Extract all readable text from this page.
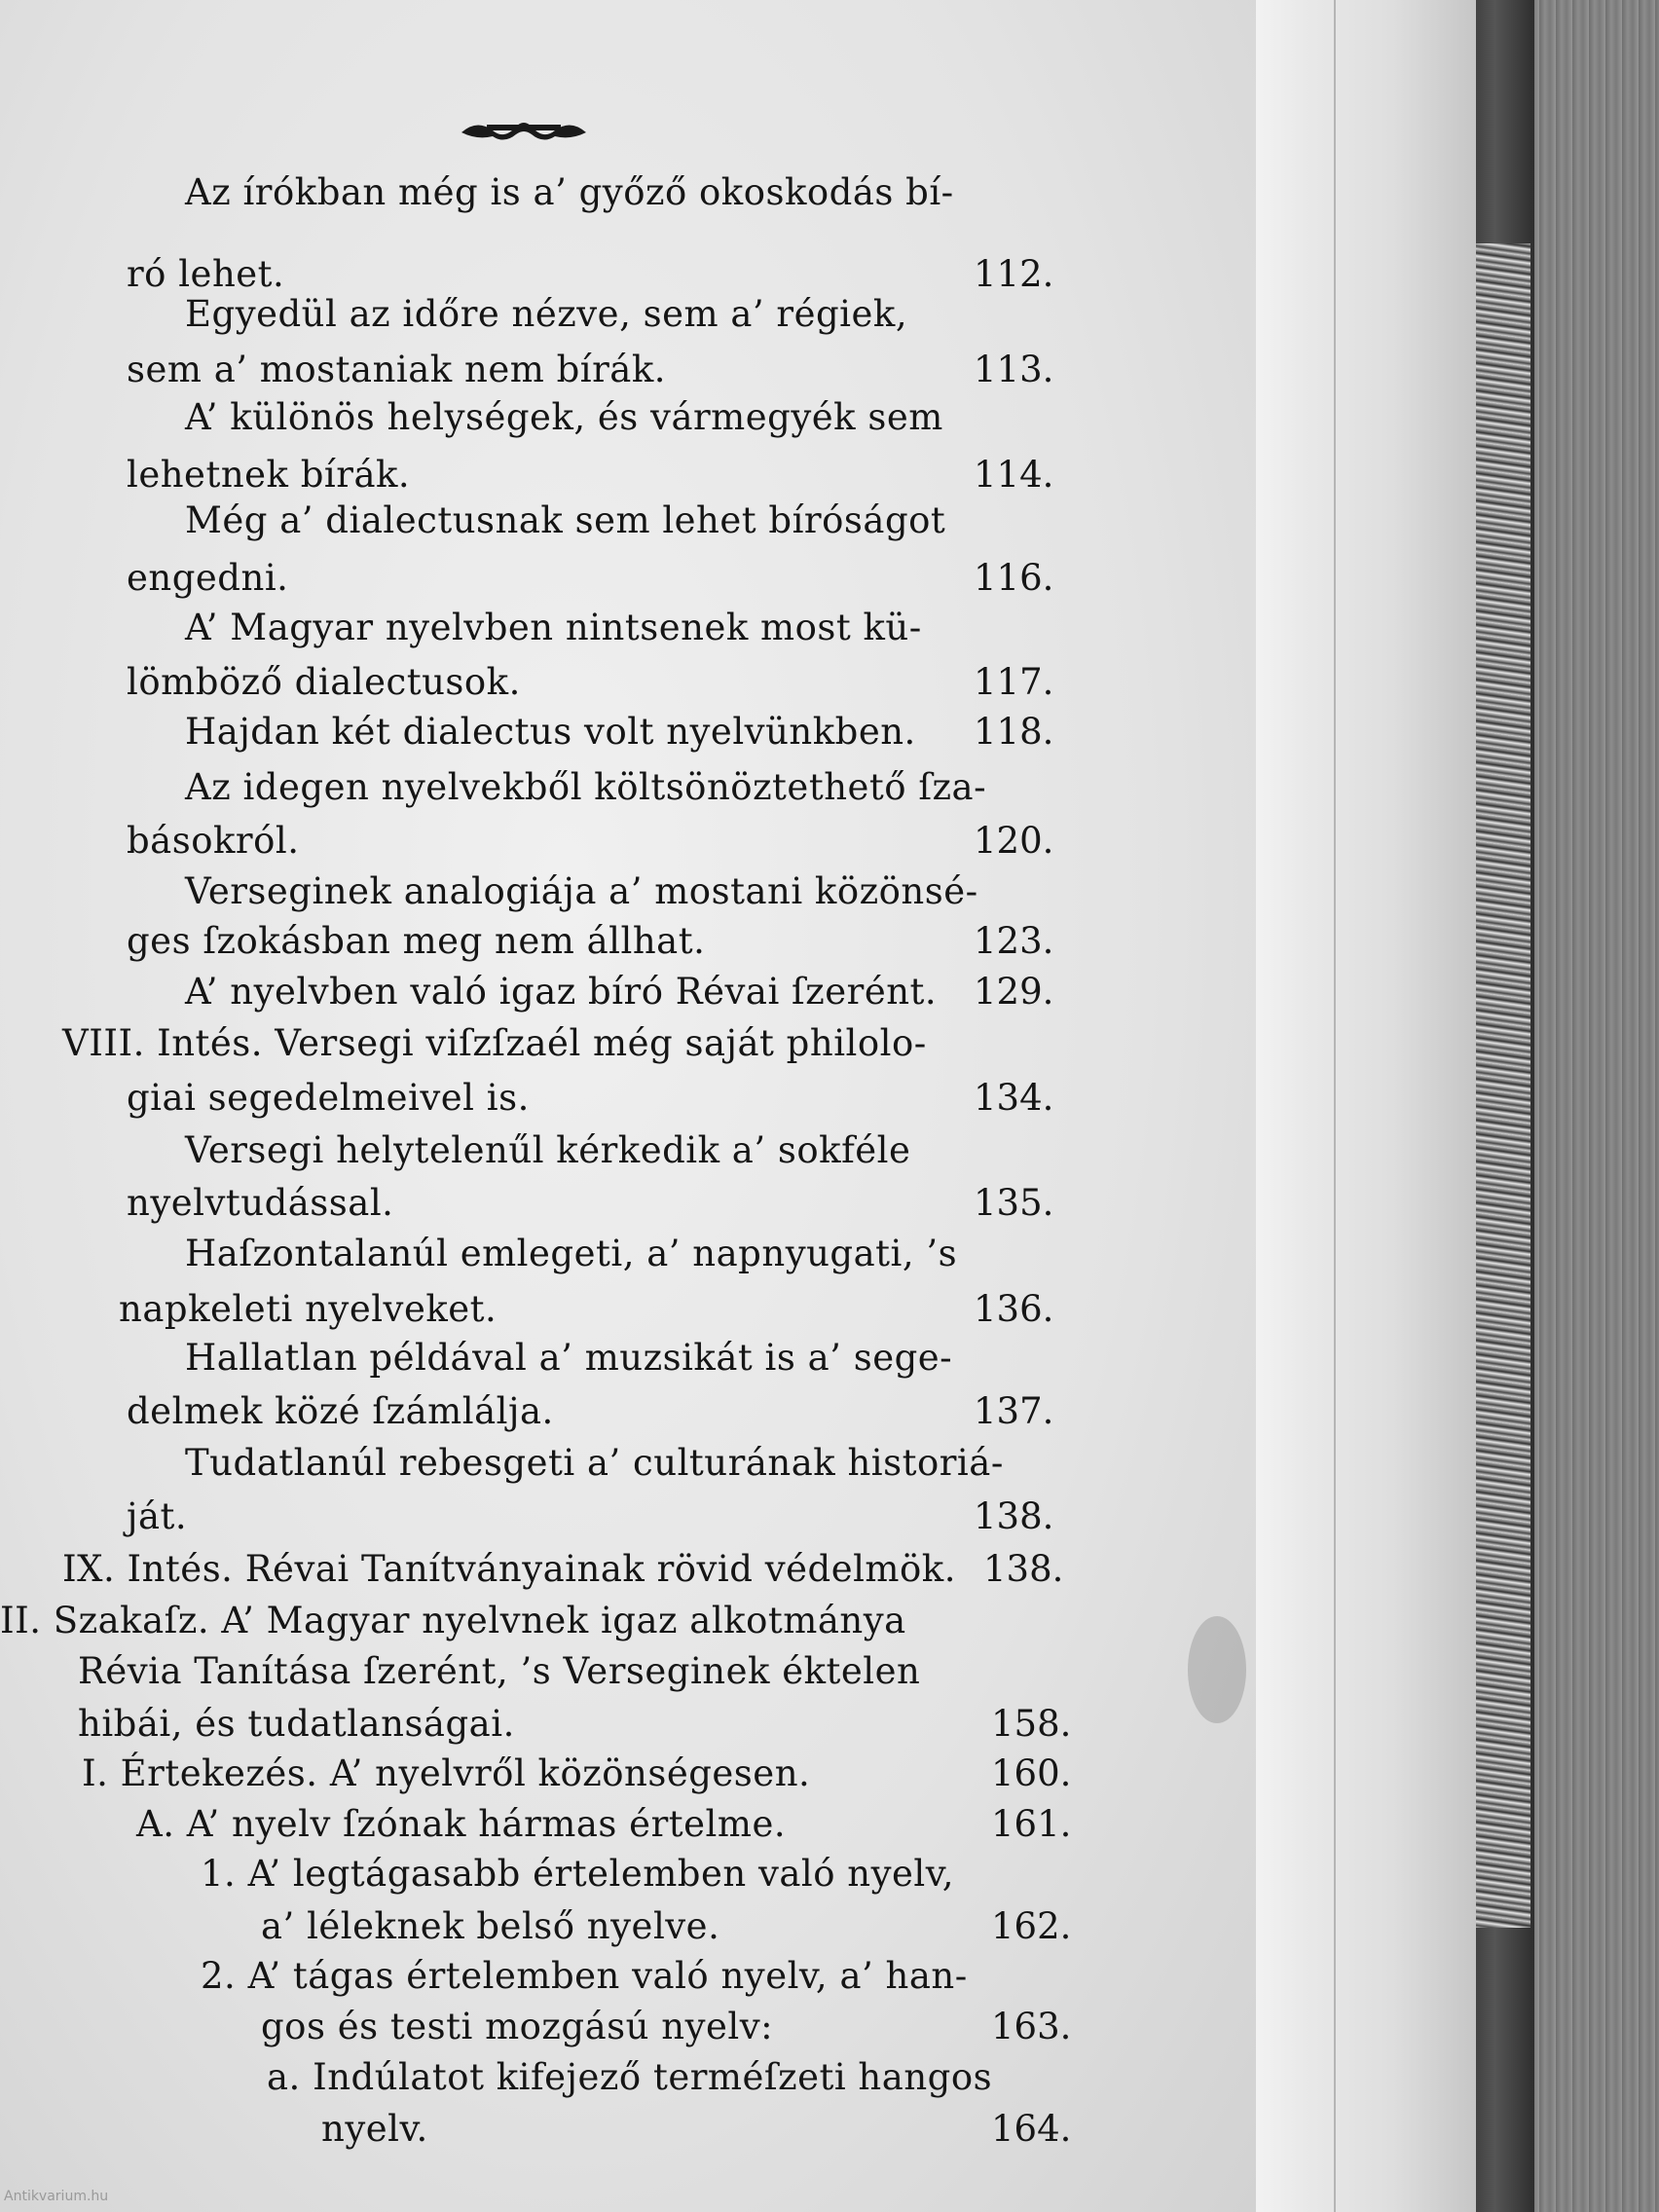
Az írókban még is a’ győző okoskodás bí-
ró lehet.	112.
Egyedül az időre nézve, sem a’ régiek,
sem a’ mostaniak nem bírák.	113.
A’ különös helységek, és vármegyék sem
lehetnek bírák.	114.
Még a’ dialectusnak sem lehet bíróságot
engedni.	116.
A’ Magyar nyelvben nintsenek most kü-
lömböző dialectusok.	117.
Hajdan két dialectus volt nyelvünkben. 118.
Az idegen nyelvekből költsönöztethető ſza-
básokról.	120.
Verseginek analogiája a’ mostani közönsé-
ges ſzokásban meg nem állhat.	123.
A’ nyelvben való igaz bíró Révai ſzerént. 129.
VIII. Intés. Versegi viſzſzaél még saját philolo-
giai segedelmeivel is.	134.
Versegi helytelenűl kérkedik a’ sokféle
nyelvtudással.	135.
Haſzontalanúl emlegeti, a’ napnyugati, ’s
napkeleti nyelveket.	136.
Hallatlan példával a’ muzsikát is a’ sege-
delmek közé ſzámlálja.	137.
Tudatlanúl rebesgeti a’ culturának historiá-
ját.	138.
IX. Intés. Révai Tanítványainak rövid védelmök. 138.
II. Szakaſz. A’ Magyar nyelvnek igaz alkotmánya
Révia Tanítása ſzerént, ’s Verseginek éktelen
hibái, és tudatlanságai.	158.
I. Értekezés. A’ nyelvről közönségesen.	160.
A. A’ nyelv ſzónak hármas értelme.	161.
1. A’ legtágasabb értelemben való nyelv,
a’ léleknek belső nyelve.	162.
2. A’ tágas értelemben való nyelv, a’ han-
gos és testi mozgású nyelv:	163.
a. Indúlatot kifejező terméſzeti hangos
nyelv.	164.
Antikvarium.hu
